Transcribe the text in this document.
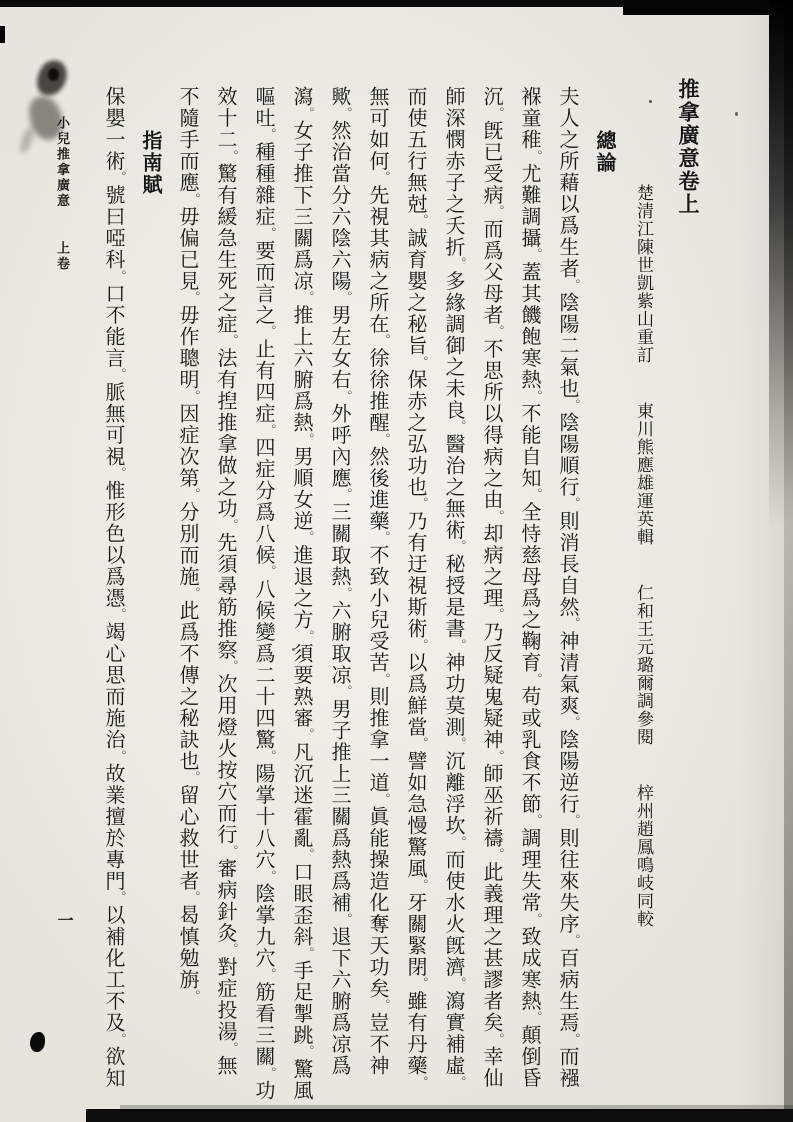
推拿廣意卷上
楚清江陳世凱紫山重訂 東川熊應雄運英輯 仁和王元璐爾調參閱 梓州趙鳳鳴岐同較
總論
夫人之所藉以爲生者。陰陽二氣也。陰陽順行。則消長自然。神清氣爽。陰陽逆行。則往來失序。百病生焉。而襁
褓童稚。尤難調攝。蓋其饑飽寒熱。不能自知。全恃慈母爲之鞠育。苟或乳食不節。調理失常。致成寒熱。顛倒昏
沉。旣已受病。而爲父母者。不思所以得病之由。却病之理。乃反疑鬼疑神。師巫祈禱。此義理之甚謬者矣。幸仙
師深憫赤子之夭折。多緣調御之未良。醫治之無術。秘授是書。神功莫測。沉離浮坎。而使水火旣濟。瀉實補虛。
而使五行無尅。誠育嬰之秘旨。保赤之弘功也。乃有迂視斯術。以爲鮮當。譬如急慢驚風。牙關緊閉。雖有丹藥。
無可如何。先視其病之所在。徐徐推醒。然後進藥。不致小兒受苦。則推拿一道。眞能操造化奪天功矣。豈不神
歟。然治當分六陰六陽。男左女右。外呼內應。三關取熱。六腑取凉。男子推上三關爲熱爲補。退下六腑爲凉爲
瀉。女子推下三關爲凉。推上六腑爲熱。男順女逆。進退之方。須要熟審。凡沉迷霍亂。口眼歪斜。手足掣跳。驚風
嘔吐。種種雜症。要而言之。止有四症。四症分爲八候。八候變爲二十四驚。陽掌十八穴。陰掌九穴。筋看三關。功
效十二。驚有緩急生死之症。法有揑推拿做之功。先須尋筋推察。次用燈火按穴而行。審病針灸。對症投湯。無
不隨手而應。毋偏已見。毋作聰明。因症次第。分別而施。此爲不傳之秘訣也。留心救世者。曷慎勉旃。
指南賦
保嬰一術。號曰啞科。口不能言。脈無可視。惟形色以爲憑。竭心思而施治。故業擅於專門。以補化工不及。欲知
小兒推拿廣意 上卷
一
